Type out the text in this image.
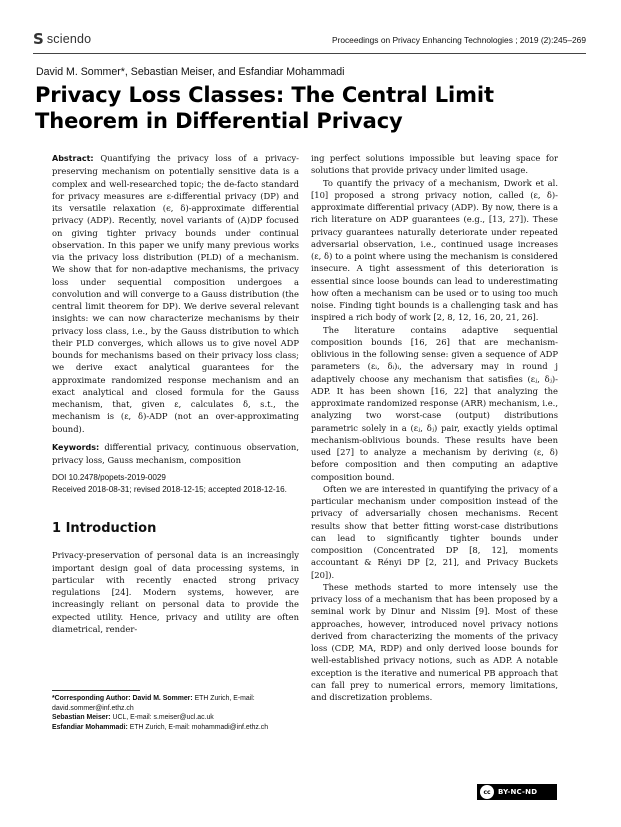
S sciendo	Proceedings on Privacy Enhancing Technologies ; 2019 (2):245–269
David M. Sommer*, Sebastian Meiser, and Esfandiar Mohammadi
Privacy Loss Classes: The Central Limit Theorem in Differential Privacy

Abstract: Quantifying the privacy loss of a privacy-preserving mechanism on potentially sensitive data is a complex and well-researched topic; the de-facto standard for privacy measures are ε-differential privacy (DP) and its versatile relaxation (ϵ, δ)-approximate differential privacy (ADP). Recently, novel variants of (A)DP focused on giving tighter privacy bounds under continual observation. In this paper we unify many previous works via the privacy loss distribution (PLD) of a mechanism. We show that for non-adaptive mechanisms, the privacy loss under sequential composition undergoes a convolution and will converge to a Gauss distribution (the central limit theorem for DP). We derive several relevant insights: we can now characterize mechanisms by their privacy loss class, i.e., by the Gauss distribution to which their PLD converges, which allows us to give novel ADP bounds for mechanisms based on their privacy loss class; we derive exact analytical guarantees for the approximate randomized response mechanism and an exact analytical and closed formula for the Gauss mechanism, that, given ε, calculates δ, s.t., the mechanism is (ε, δ)-ADP (not an over-approximating bound).

Keywords: differential privacy, continuous observation, privacy loss, Gauss mechanism, composition

DOI 10.2478/popets-2019-0029

Received 2018-08-31; revised 2018-12-15; accepted 2018-12-16.

1 Introduction

Privacy-preservation of personal data is an increasingly important design goal of data processing systems, in particular with recently enacted strong privacy regulations [24]. Modern systems, however, are increasingly reliant on personal data to provide the expected utility. Hence, privacy and utility are often diametrical, render-

ing perfect solutions impossible but leaving space for solutions that provide privacy under limited usage.

To quantify the privacy of a mechanism, Dwork et al. [10] proposed a strong privacy notion, called (ε, δ)-approximate differential privacy (ADP). By now, there is a rich literature on ADP guarantees (e.g., [13, 27]). These privacy guarantees naturally deteriorate under repeated adversarial observation, i.e., continued usage increases (ε, δ) to a point where using the mechanism is considered insecure. A tight assessment of this deterioration is essential since loose bounds can lead to underestimating how often a mechanism can be used or to using too much noise. Finding tight bounds is a challenging task and has inspired a rich body of work [2, 8, 12, 16, 20, 21, 26].

The literature contains adaptive sequential composition bounds [16, 26] that are mechanism-oblivious in the following sense: given a sequence of ADP parameters (εᵢ, δᵢ)ᵢ, the adversary may in round j adaptively choose any mechanism that satisfies (εⱼ, δⱼ)-ADP. It has been shown [16, 22] that analyzing the approximate randomized response (ARR) mechanism, i.e., analyzing two worst-case (output) distributions parametric solely in a (εⱼ, δⱼ) pair, exactly yields optimal mechanism-oblivious bounds. These results have been used [27] to analyze a mechanism by deriving (ε, δ) before composition and then computing an adaptive composition bound.

Often we are interested in quantifying the privacy of a particular mechanism under composition instead of the privacy of adversarially chosen mechanisms. Recent results show that better fitting worst-case distributions can lead to significantly tighter bounds under composition (Concentrated DP [8, 12], moments accountant & Rényi DP [2, 21], and Privacy Buckets [20]).

These methods started to more intensely use the privacy loss of a mechanism that has been proposed by a seminal work by Dinur and Nissim [9]. Most of these approaches, however, introduced novel privacy notions derived from characterizing the moments of the privacy loss (CDP, MA, RDP) and only derived loose bounds for well-established privacy notions, such as ADP. A notable exception is the iterative and numerical PB approach that can fall prey to numerical errors, memory limitations, and discretization problems.

*Corresponding Author: David M. Sommer: ETH Zurich, E-mail: david.sommer@inf.ethz.ch

Sebastian Meiser: UCL, E-mail: s.meiser@ucl.ac.uk

Esfandiar Mohammadi: ETH Zurich, E-mail: mohammadi@inf.ethz.ch

cc	BY-NC-ND
